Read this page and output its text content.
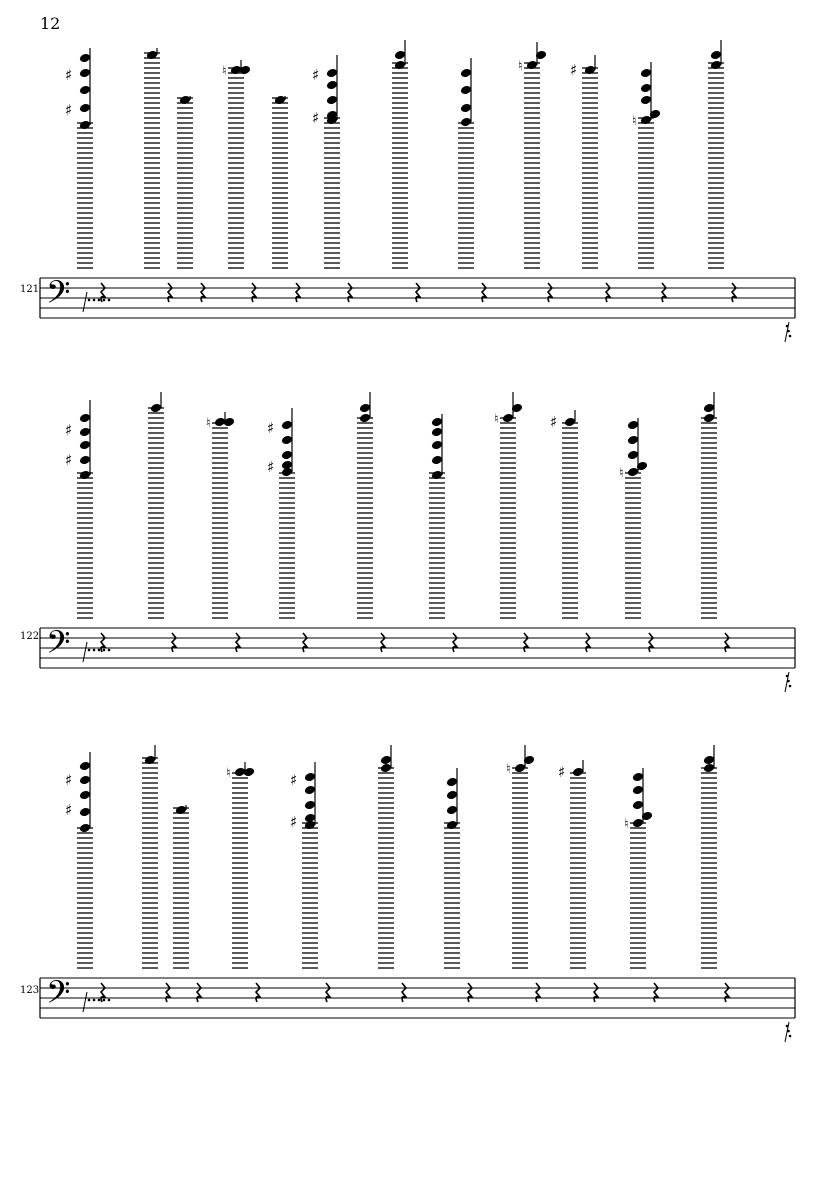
12
121
122
123
𝄢
♯
♯	♮
♯
♯	♮	♯
♮
𝄢
♯
♯	♮
♯
♯	♮	♯
♮
𝄢
♯
♯	♮
♯
♯
♮	♯
♮
